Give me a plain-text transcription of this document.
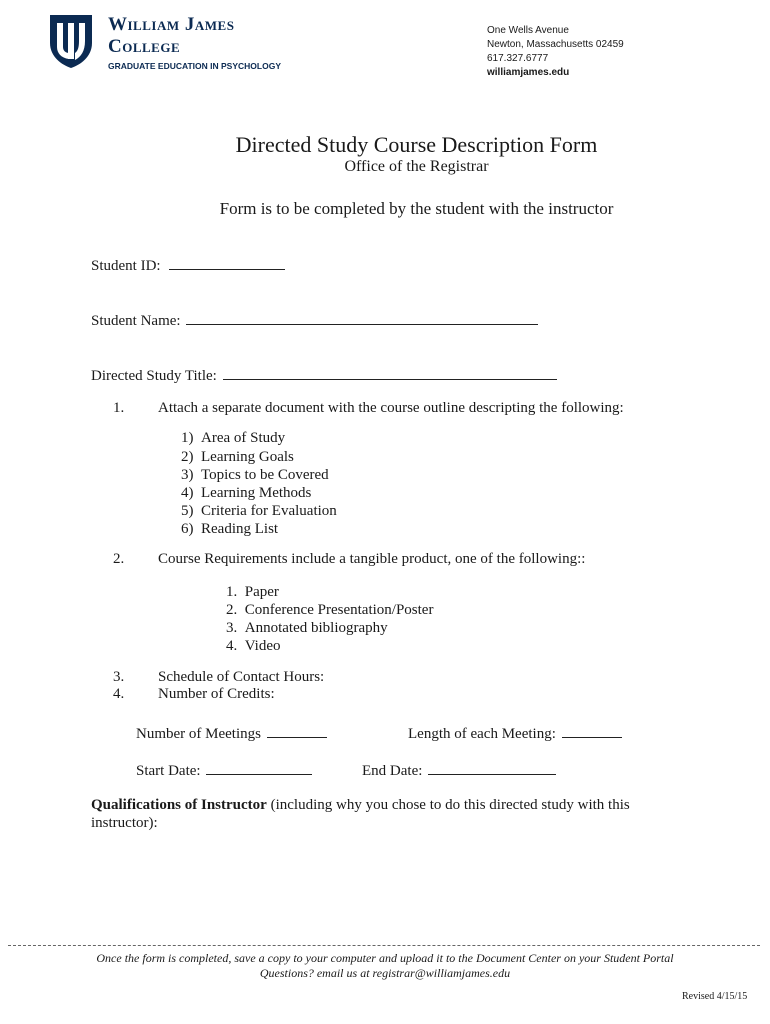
William James
College
GRADUATE EDUCATION IN PSYCHOLOGY
One Wells Avenue
Newton, Massachusetts 02459
617.327.6777
williamjames.edu
Directed Study Course Description Form
Office of the Registrar
Form is to be completed by the student with the instructor
Student ID:
Student Name:
Directed Study Title:
1. Attach a separate document with the course outline descripting the following:
1) Area of Study
2) Learning Goals
3) Topics to be Covered
4) Learning Methods
5) Criteria for Evaluation
6) Reading List
2. Course Requirements include a tangible product, one of the following::
1. Paper
2. Conference Presentation/Poster
3. Annotated bibliography
4. Video
3. Schedule of Contact Hours:
4. Number of Credits:
Number of Meetings	Length of each Meeting:
Start Date:	End Date:
Qualifications of Instructor (including why you chose to do this directed study with this
instructor):
Once the form is completed, save a copy to your computer and upload it to the Document Center on your Student Portal
Questions? email us at registrar@williamjames.edu
Revised 4/15/15
